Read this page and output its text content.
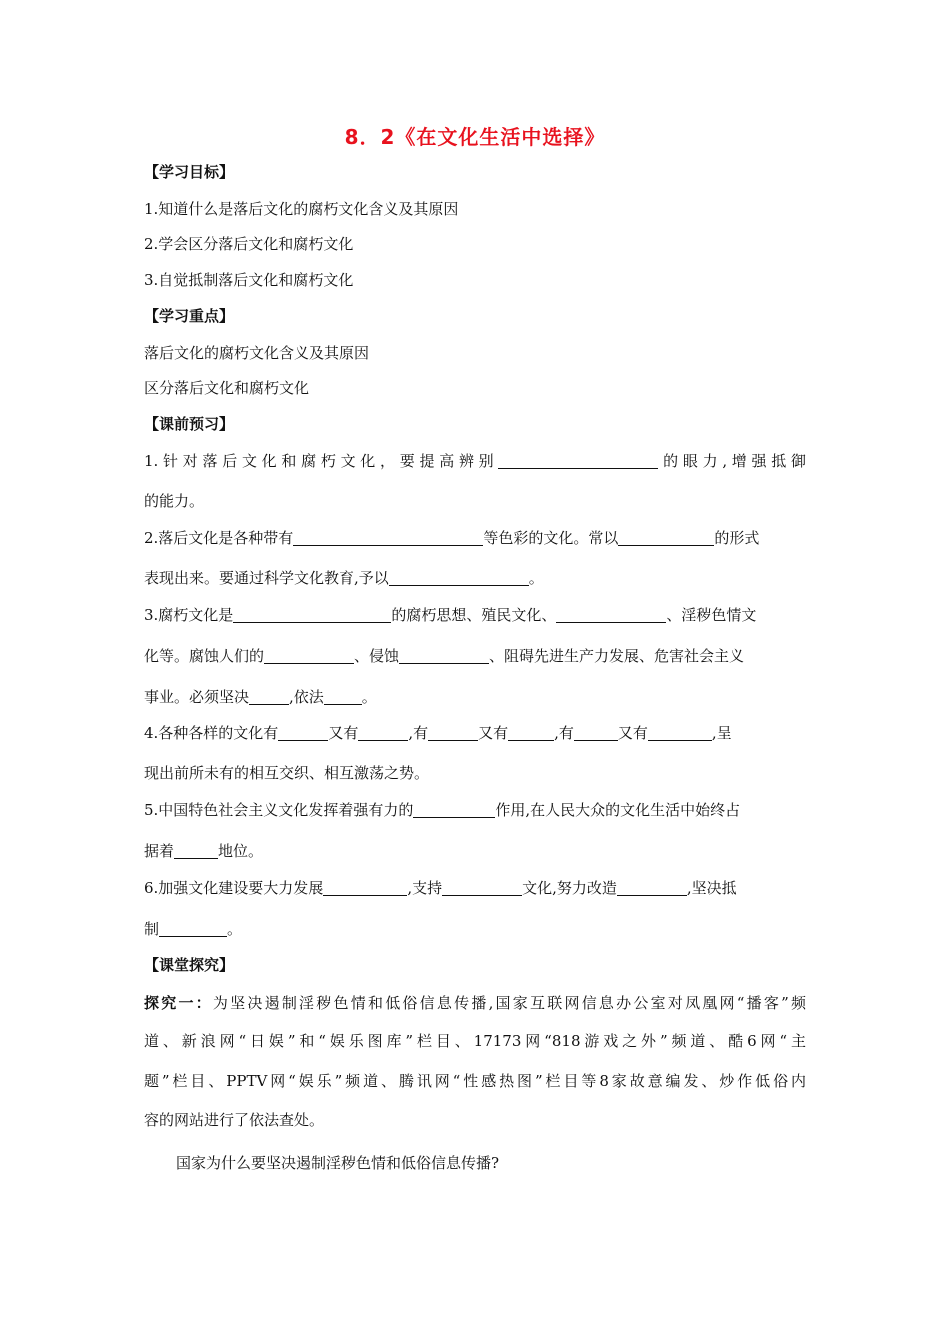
8．2《在文化生活中选择》
【学习目标】
1.知道什么是落后文化的腐朽文化含义及其原因
2.学会区分落后文化和腐朽文化
3.自觉抵制落后文化和腐朽文化
【学习重点】
落后文化的腐朽文化含义及其原因
区分落后文化和腐朽文化
【课前预习】
1.针对落后文化和腐朽文化，要提高辨别	的眼力,增强抵御
的能力。
2.落后文化是各种带有	等色彩的文化。常以	的形式
表现出来。要通过科学文化教育,予以	。
3.腐朽文化是	的腐朽思想、殖民文化、	、淫秽色情文
化等。腐蚀人们的	、侵蚀	、阻碍先进生产力发展、危害社会主义
事业。必须坚决	,依法	。
4.各种各样的文化有	又有	,有	又有	,有	又有	,呈
现出前所未有的相互交织、相互激荡之势。
5.中国特色社会主义文化发挥着强有力的	作用,在人民大众的文化生活中始终占
据着	地位。
6.加强文化建设要大力发展	,支持	文化,努力改造	,坚决抵
制	。
【课堂探究】
探究一：为坚决遏制淫秽色情和低俗信息传播,国家互联网信息办公室对凤凰网“播客”频
道、新浪网“日娱”和“娱乐图库”栏目、17173网“818游戏之外”频道、酷6网“主
题”栏目、PPTV网“娱乐”频道、腾讯网“性感热图”栏目等8家故意编发、炒作低俗内
容的网站进行了依法查处。
国家为什么要坚决遏制淫秽色情和低俗信息传播?
